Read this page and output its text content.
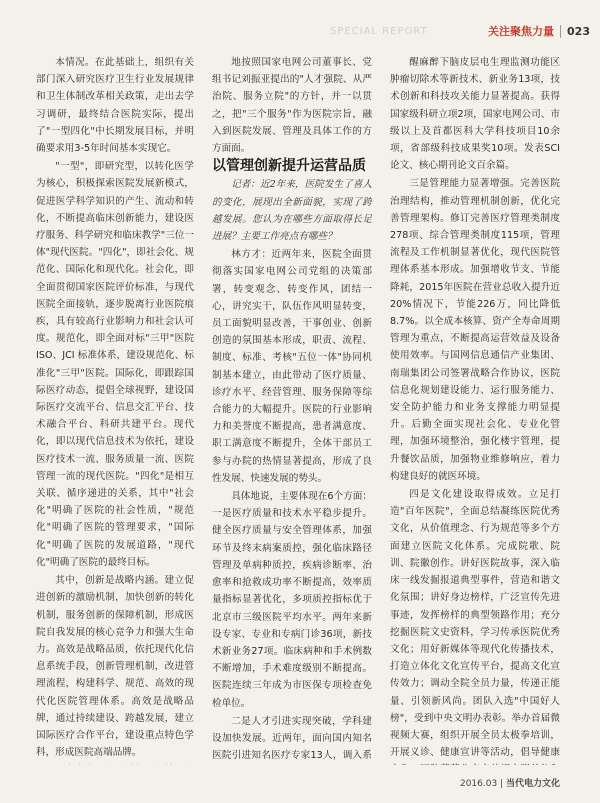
SPECIAL REPORT	关注聚焦力量	023

本情况。在此基础上，组织有关部门深入研究医疗卫生行业发展规律和卫生体制改革相关政策，走出去学习调研，最终结合医院实际，提出了"一型四化"中长期发展目标，并明确要求用3-5年时间基本实现它。

"一型"，即研究型，以转化医学为核心，积极探索医院发展新模式，促进医学科学知识的产生、流动和转化，不断提高临床创新能力，建设医疗服务、科学研究和临床教学"三位一体"现代医院。"四化"，即社会化、规范化、国际化和现代化。社会化，即全面贯彻国家医院评价标准，与现代医院全面接轨，逐步脱离行业医院痕疾，具有较高行业影响力和社会认可度。规范化，即全面对标"三甲"医院 ISO、JCI 标准体系，建设规范化、标准化"三甲"医院。国际化，即跟踪国际医疗动态，提倡全球视野，建设国际医疗交流平台、信息交汇平台、技术融合平台、科研共建平台。现代化，即以现代信息技术为依托，建设医疗技术一流、服务质量一流、医院管理一流的现代医院。"四化"是相互关联、循序递进的关系，其中"社会化"明确了医院的社会性质，"规范化"明确了医院的管理要求，"国际化"明确了医院的发展道路，"现代化"明确了医院的最终目标。

其中，创新是战略内涵。建立促进创新的激励机制，加快创新的转化机制，服务创新的保障机制，形成医院自我发展的核心竞争力和强大生命力。高效是战略品质，依托现代化信息系统手段，创新管理机制，改进管理流程，构建科学、规范、高效的现代化医院管理体系。高效是战略品牌，通过持续建设、跨越发展，建立国际医疗合作平台，建设重点特色学科，形成医院高端品牌。

地按照国家电网公司董事长、党组书记刘振亚提出的"人才强院、从严治院、服务立院"的方针，并一以贯之，把"三个服务"作为医院宗旨，融入到医院发展、管理及具体工作的方方面面。

以管理创新提升运营品质

记者：近2年来，医院发生了喜人的变化，展现出全新面貌，实现了跨越发展。您认为在哪些方面取得长足进展？主要工作亮点有哪些？

林方才：近两年来，医院全面贯彻落实国家电网公司党组的决策部署，转变观念、转变作风，团结一心，讲究实干，队伍作风明显转变，员工面貌明显改善，干事创业、创新创造的氛围基本形成，职责、流程、制度、标准、考核"五位一体"协同机制基本建立，由此带动了医疗质量、诊疗水平、经营管理、服务保障等综合能力的大幅提升。医院的行业影响力和美誉度不断提高，患者满意度、职工满意度不断提升，全体干部员工参与办院的热情显著提高，形成了良性发展、快速发展的势头。

具体地说，主要体现在6个方面：一是医疗质量和技术水平稳步提升。健全医疗质量与安全管理体系，加强环节及终末病案质控，强化临床路径管理及单病种质控，疾病诊断率、治愈率和抢救成功率不断提高，效率质量指标显著优化，多项质控指标优于北京市三级医院平均水平。两年来新设专家、专业和专病门诊36项，新技术新业务27项。临床病种和手术例数不断增加，手术难度级别不断提高。医院连续三年成为市医保专项检查免检单位。

二是人才引进实现突破，学科建设加快发展。近两年，面向国内知名医院引进知名医疗专家13人，调入系

醒麻醉下脑皮层电生理监测功能区肿瘤切除术等新技术、新业务13项，技术创新和科技攻关能力显著提高。获得国家级科研立项2项，国家电网公司、市级以上及首都医科大学科技项目10余项，省部级科技成果奖10项。发表SCI论文、核心期刊论文百余篇。

三是管理能力显著增强。完善医院治理结构，推动管理机制创新，优化完善管理架构。修订完善医疗管理类制度278项、综合管理类制度115项，管理流程及工作机制显著优化，现代医院管理体系基本形成。加强增收节支、节能降耗，2015年医院在营业总收入提升近20%情况下，节能226万，同比降低8.7%。以全成本核算、资产全寿命周期管理为重点，不断提高运营效益及设备使用效率。与国网信息通信产业集团、南瑞集团公司签署战略合作协议，医院信息化规划建设能力、运行服务能力、安全防护能力和业务支撑能力明显提升。后勤全面实现社会化、专业化管理，加强环境整治，强化楼宇管理，提升餐饮品质，加强物业维修响应，着力构建良好的就医环境。

四是文化建设取得成效。立足打造"百年医院"，全面总结凝练医院优秀文化，从价值理念、行为规范等多个方面建立医院文化体系。完成院歌、院训、院徽创作。讲好医院故事，深入临床一线发掘报道典型事件，营造和谐文化氛围；讲好身边榜样，广泛宣传先进事迹，发挥榜样的典型领路作用；充分挖掘医院文史资料，学习传承医院优秀文化；用好新媒体等现代化传播技术，打造立体化文化宣传平台，提高文化宣传效力；调动全院全员力量，传递正能量、引领新风尚。团队入选"中国好人榜"，受到中央文明办表彰。举办首届微视频大赛，组织开展全员太极拳培训，开展义诊、健康宣讲等活动，倡导健康

2016.03 | 当代电力文化
